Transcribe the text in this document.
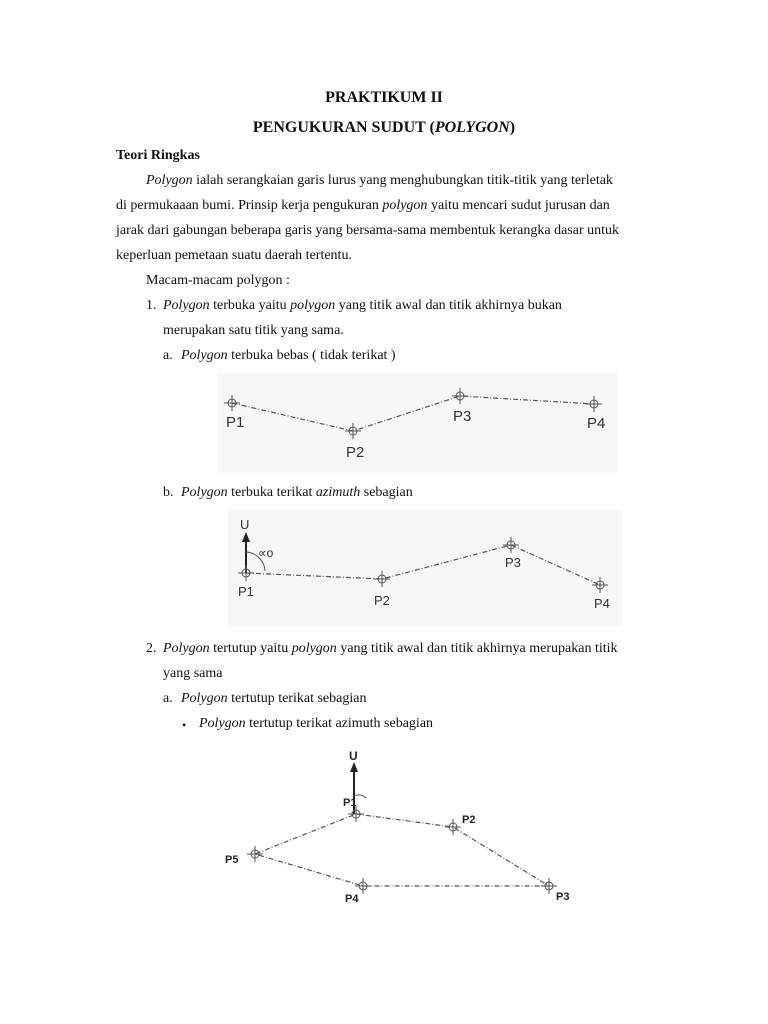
PRAKTIKUM II
PENGUKURAN SUDUT (POLYGON)
Teori Ringkas
Polygon ialah serangkaian garis lurus yang menghubungkan titik-titik yang terletak
di permukaaan bumi. Prinsip kerja pengukuran polygon yaitu mencari sudut jurusan dan
jarak dari gabungan beberapa garis yang bersama-sama membentuk kerangka dasar untuk
keperluan pemetaan suatu daerah tertentu.
Macam-macam polygon :
1. Polygon terbuka yaitu polygon yang titik awal dan titik akhirnya bukan
merupakan satu titik yang sama.
a. Polygon terbuka bebas ( tidak terikat )
P1
P2
P3	P4
b. Polygon terbuka terikat azimuth sebagian
U
∝o
P1
P2
P3
P4
2. Polygon tertutup yaitu polygon yang titik awal dan titik akhirnya merupakan titik
yang sama
a. Polygon tertutup terikat sebagian
• Polygon tertutup terikat azimuth sebagian
U
P1
P2
P3
P4
P5
